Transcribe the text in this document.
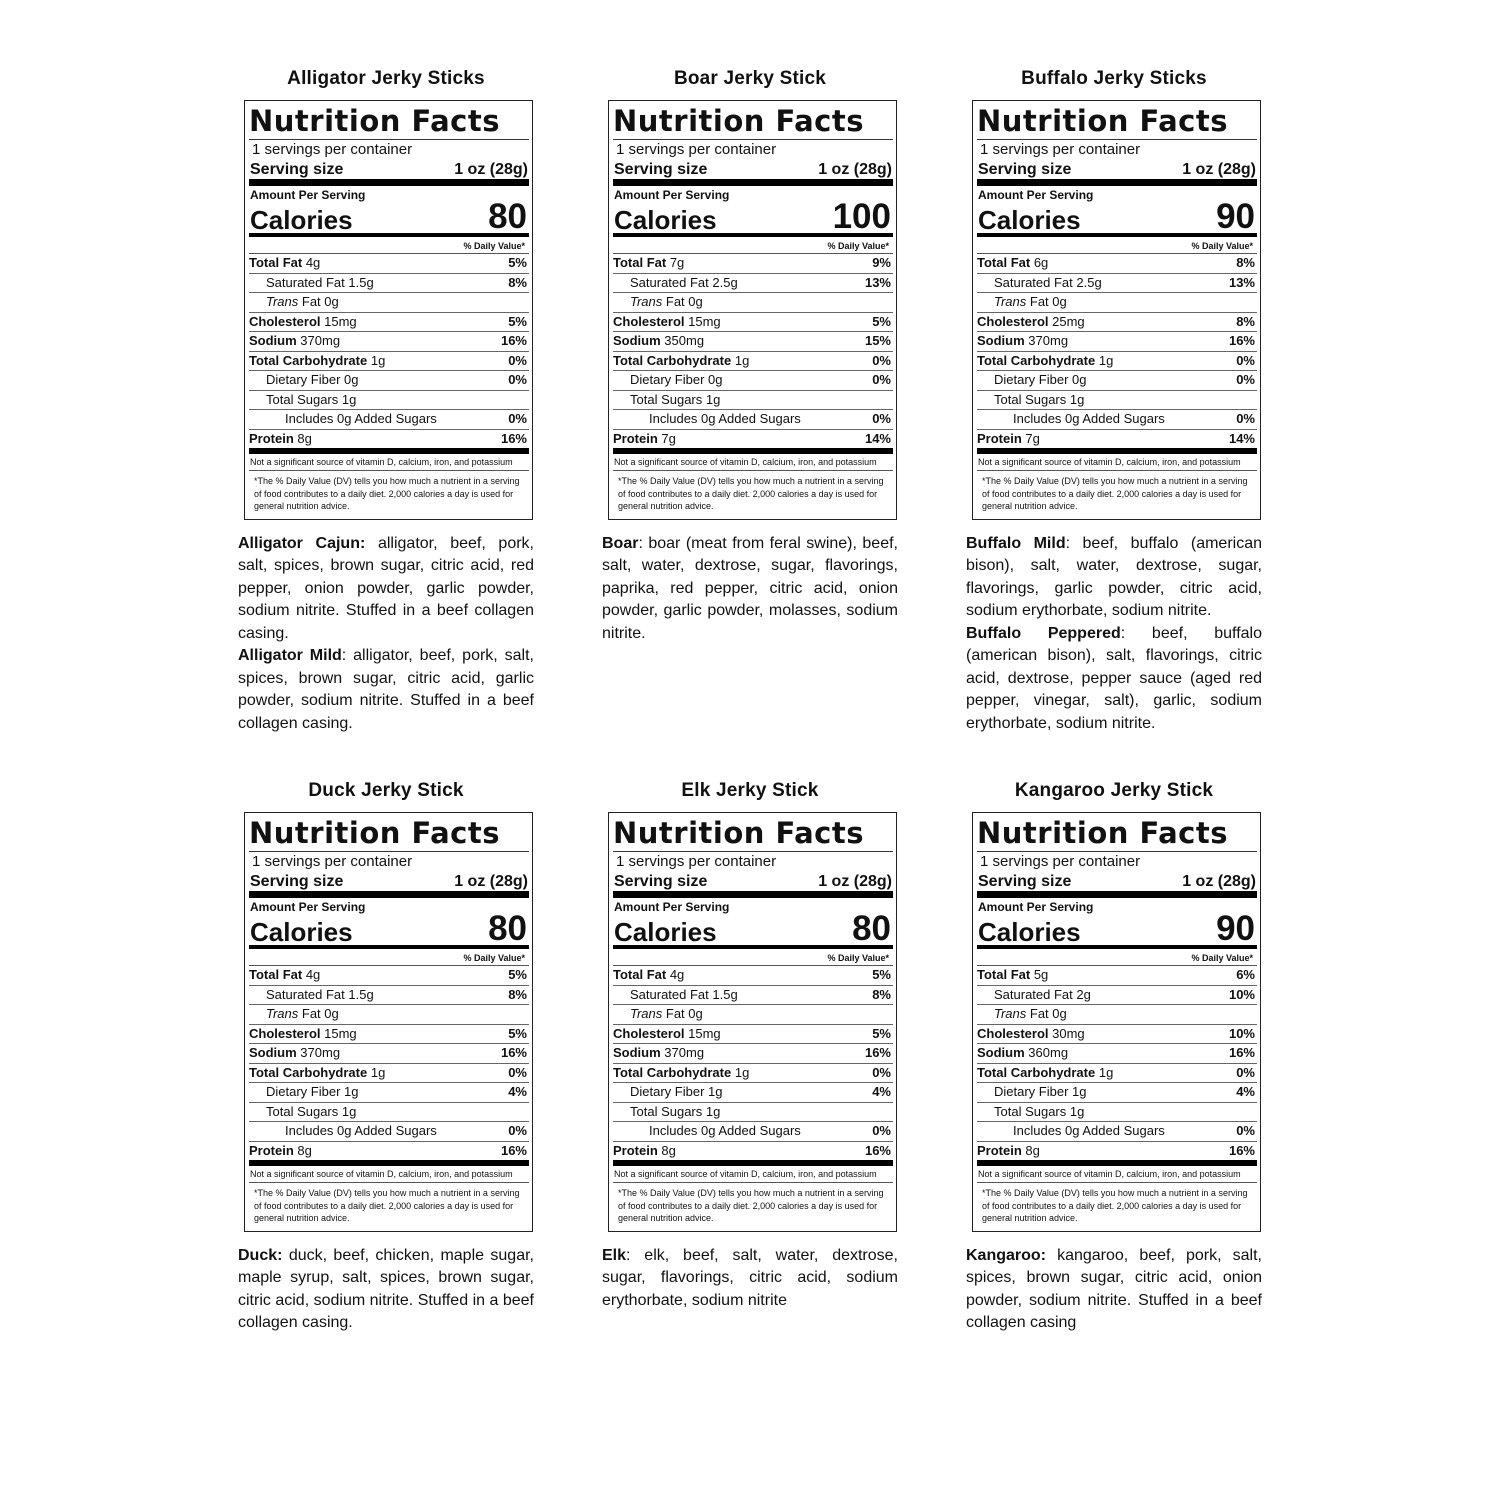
Alligator Jerky Sticks
Nutrition Facts
1 servings per container
Serving size	1 oz (28g)
Amount Per Serving
Calories	80
% Daily Value*
Total Fat 4g	5%
Saturated Fat 1.5g	8%
Trans Fat 0g
Cholesterol 15mg	5%
Sodium 370mg	16%
Total Carbohydrate 1g	0%
Dietary Fiber 0g	0%
Total Sugars 1g
Includes 0g Added Sugars	0%
Protein 8g	16%
Not a significant source of vitamin D, calcium, iron, and potassium
*The % Daily Value (DV) tells you how much a nutrient in a serving of food contributes to a daily diet. 2,000 calories a day is used for general nutrition advice.

Alligator Cajun: alligator, beef, pork, salt, spices, brown sugar, citric acid, red pepper, onion powder, garlic powder, sodium nitrite. Stuffed in a beef collagen casing.

Alligator Mild: alligator, beef, pork, salt, spices, brown sugar, citric acid, garlic powder, sodium nitrite. Stuffed in a beef collagen casing.

Boar Jerky Stick
Nutrition Facts
1 servings per container
Serving size	1 oz (28g)
Amount Per Serving
Calories	100
% Daily Value*
Total Fat 7g	9%
Saturated Fat 2.5g	13%
Trans Fat 0g
Cholesterol 15mg	5%
Sodium 350mg	15%
Total Carbohydrate 1g	0%
Dietary Fiber 0g	0%
Total Sugars 1g
Includes 0g Added Sugars	0%
Protein 7g	14%
Not a significant source of vitamin D, calcium, iron, and potassium
*The % Daily Value (DV) tells you how much a nutrient in a serving of food contributes to a daily diet. 2,000 calories a day is used for general nutrition advice.

Boar: boar (meat from feral swine), beef, salt, water, dextrose, sugar, flavorings, paprika, red pepper, citric acid, onion powder, garlic powder, molasses, sodium nitrite.

Buffalo Jerky Sticks
Nutrition Facts
1 servings per container
Serving size	1 oz (28g)
Amount Per Serving
Calories	90
% Daily Value*
Total Fat 6g	8%
Saturated Fat 2.5g	13%
Trans Fat 0g
Cholesterol 25mg	8%
Sodium 370mg	16%
Total Carbohydrate 1g	0%
Dietary Fiber 0g	0%
Total Sugars 1g
Includes 0g Added Sugars	0%
Protein 7g	14%
Not a significant source of vitamin D, calcium, iron, and potassium
*The % Daily Value (DV) tells you how much a nutrient in a serving of food contributes to a daily diet. 2,000 calories a day is used for general nutrition advice.

Buffalo Mild: beef, buffalo (american bison), salt, water, dextrose, sugar, flavorings, garlic powder, citric acid, sodium erythorbate, sodium nitrite.

Buffalo Peppered: beef, buffalo (american bison), salt, flavorings, citric acid, dextrose, pepper sauce (aged red pepper, vinegar, salt), garlic, sodium erythorbate, sodium nitrite.

Duck Jerky Stick
Nutrition Facts
1 servings per container
Serving size	1 oz (28g)
Amount Per Serving
Calories	80
% Daily Value*
Total Fat 4g	5%
Saturated Fat 1.5g	8%
Trans Fat 0g
Cholesterol 15mg	5%
Sodium 370mg	16%
Total Carbohydrate 1g	0%
Dietary Fiber 1g	4%
Total Sugars 1g
Includes 0g Added Sugars	0%
Protein 8g	16%
Not a significant source of vitamin D, calcium, iron, and potassium
*The % Daily Value (DV) tells you how much a nutrient in a serving of food contributes to a daily diet. 2,000 calories a day is used for general nutrition advice.

Duck: duck, beef, chicken, maple sugar, maple syrup, salt, spices, brown sugar, citric acid, sodium nitrite. Stuffed in a beef collagen casing.

Elk Jerky Stick
Nutrition Facts
1 servings per container
Serving size	1 oz (28g)
Amount Per Serving
Calories	80
% Daily Value*
Total Fat 4g	5%
Saturated Fat 1.5g	8%
Trans Fat 0g
Cholesterol 15mg	5%
Sodium 370mg	16%
Total Carbohydrate 1g	0%
Dietary Fiber 1g	4%
Total Sugars 1g
Includes 0g Added Sugars	0%
Protein 8g	16%
Not a significant source of vitamin D, calcium, iron, and potassium
*The % Daily Value (DV) tells you how much a nutrient in a serving of food contributes to a daily diet. 2,000 calories a day is used for general nutrition advice.

Elk: elk, beef, salt, water, dextrose, sugar, flavorings, citric acid, sodium erythorbate, sodium nitrite

Kangaroo Jerky Stick
Nutrition Facts
1 servings per container
Serving size	1 oz (28g)
Amount Per Serving
Calories	90
% Daily Value*
Total Fat 5g	6%
Saturated Fat 2g	10%
Trans Fat 0g
Cholesterol 30mg	10%
Sodium 360mg	16%
Total Carbohydrate 1g	0%
Dietary Fiber 1g	4%
Total Sugars 1g
Includes 0g Added Sugars	0%
Protein 8g	16%
Not a significant source of vitamin D, calcium, iron, and potassium
*The % Daily Value (DV) tells you how much a nutrient in a serving of food contributes to a daily diet. 2,000 calories a day is used for general nutrition advice.

Kangaroo: kangaroo, beef, pork, salt, spices, brown sugar, citric acid, onion powder, sodium nitrite. Stuffed in a beef collagen casing
